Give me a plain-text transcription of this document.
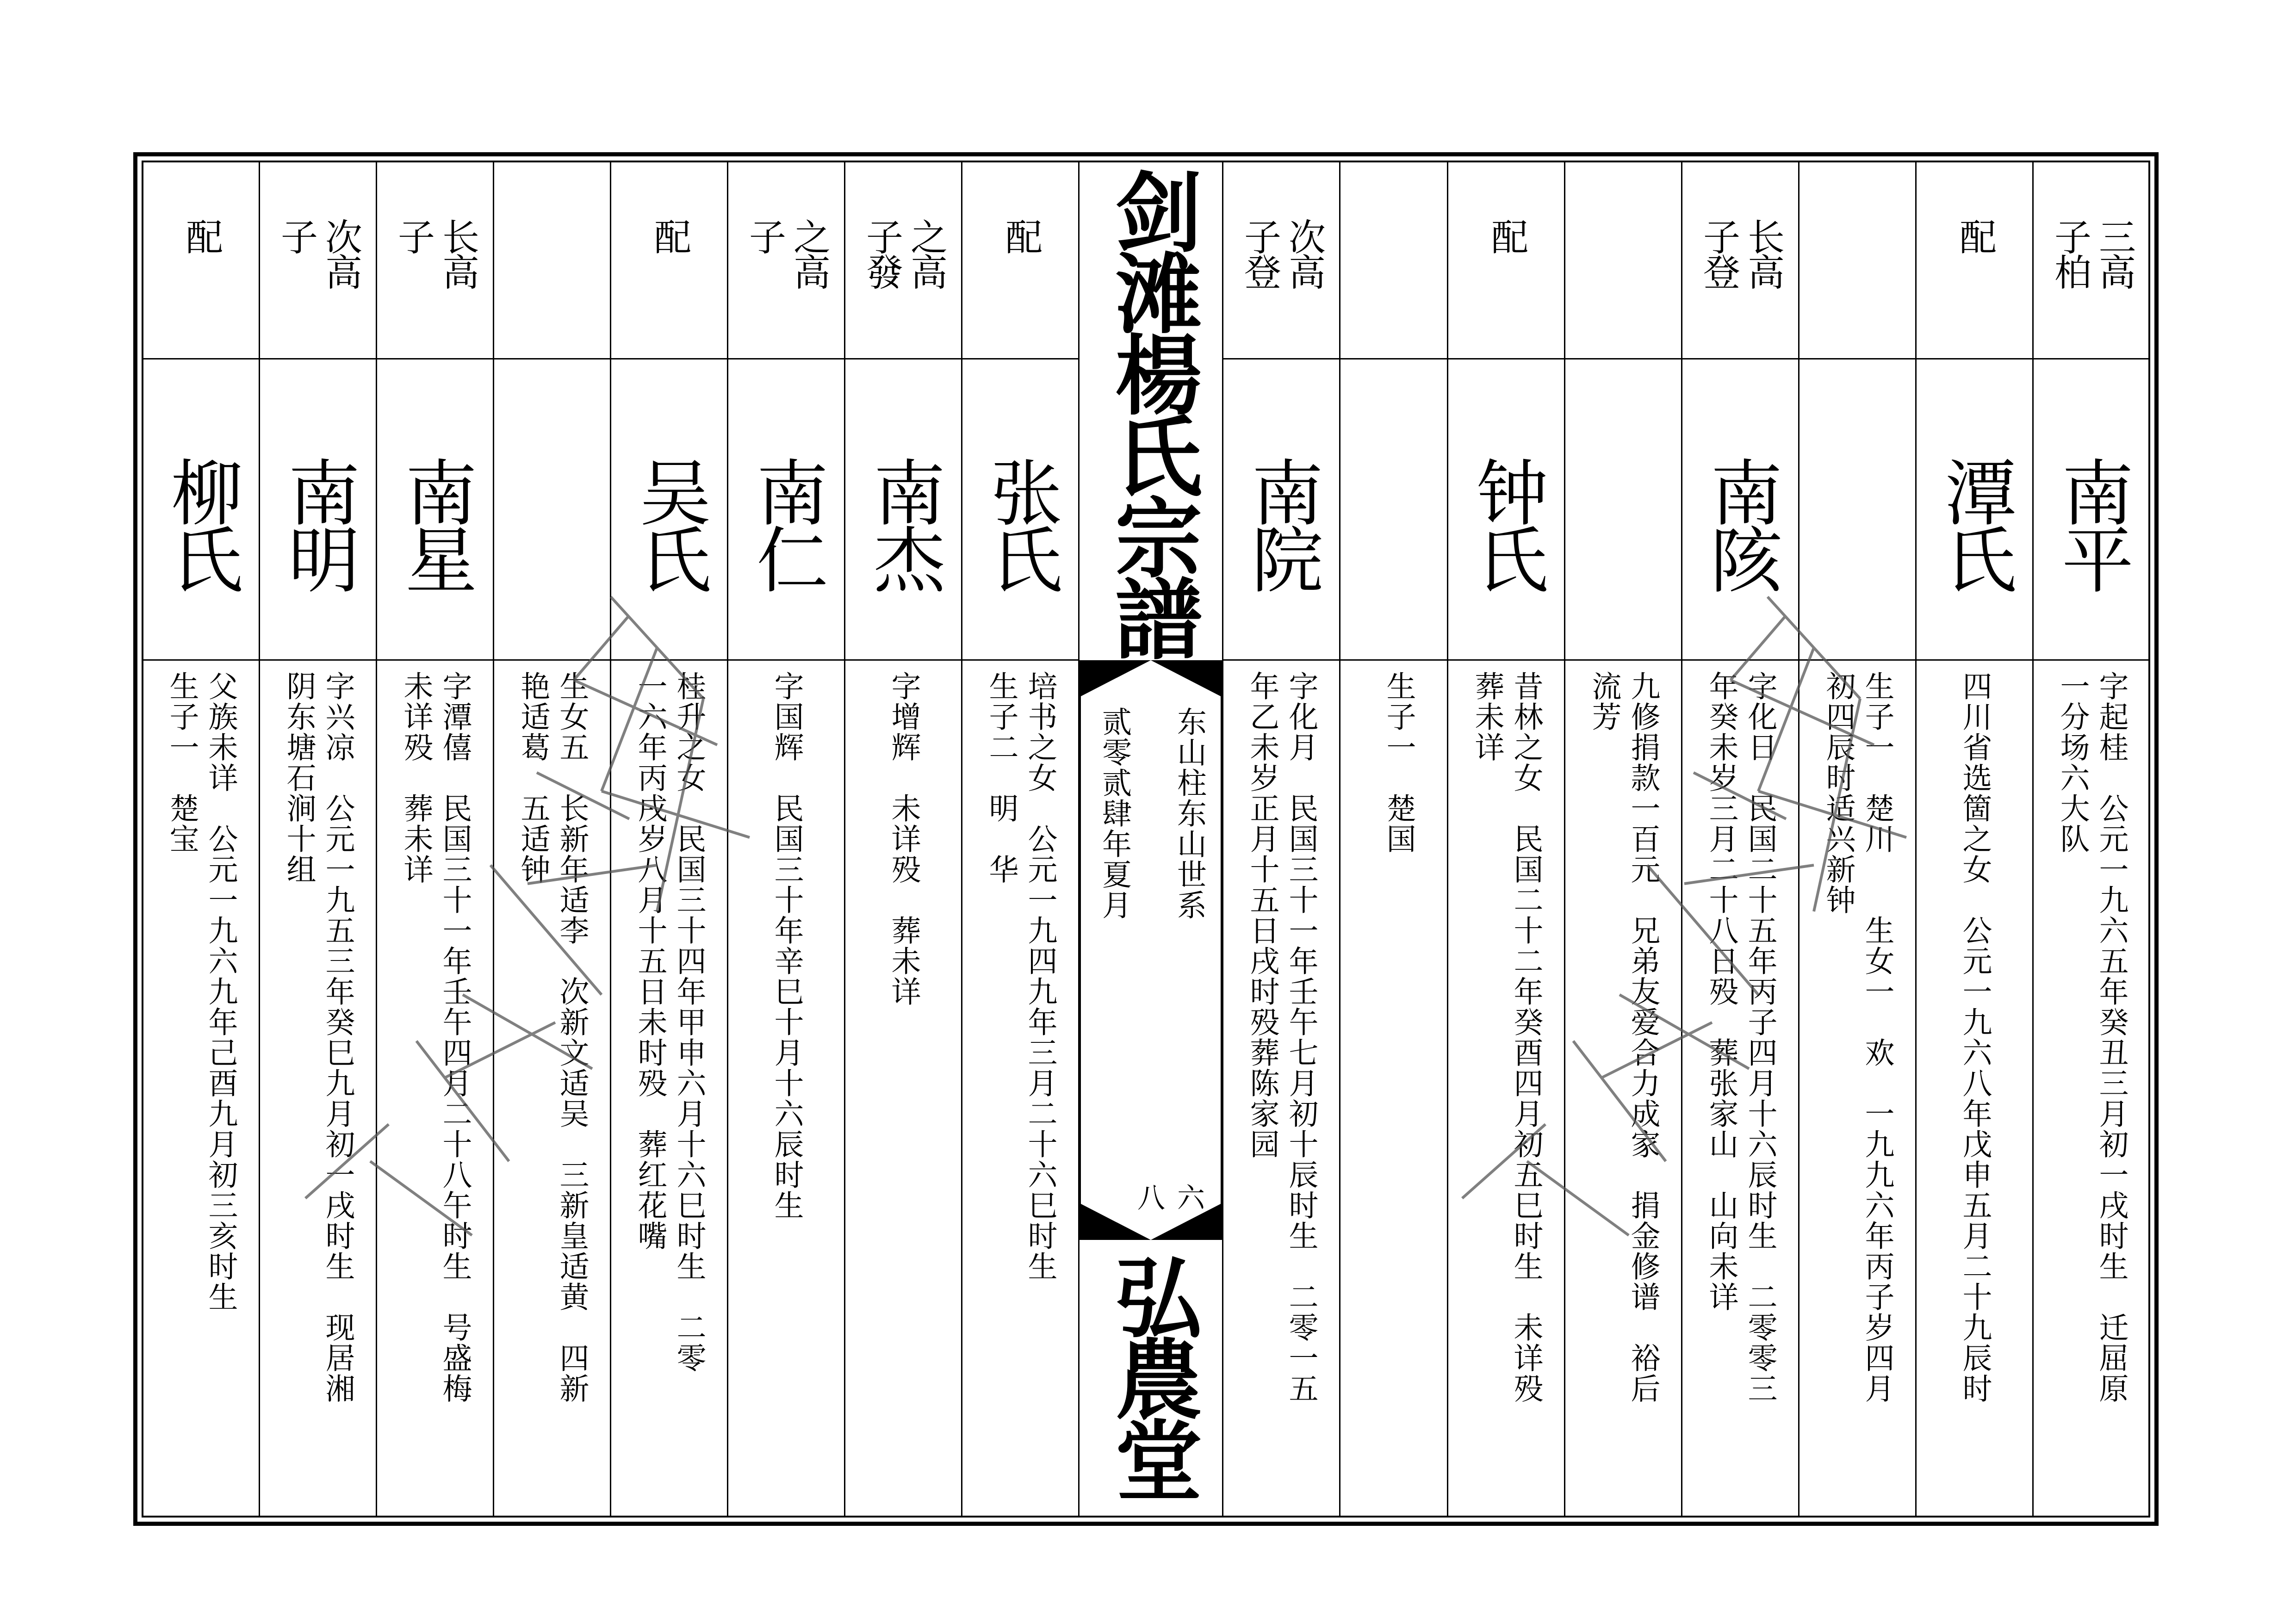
三高
子柏
南平
字起桂　公元一九六五年癸丑三月初一戌时生　迁屈原
一分场六大队
配
潭氏
四川省选箇之女　公元一九六八年戊申五月二十九辰时
生子一　楚川　　生女一　欢　一九九六年丙子岁四月
初四辰时适兴新钟
长高
子登
南陔
字化日　民国二十五年丙子四月十六辰时生　二零零三
年癸未岁三月二十八日殁　葬张家山　山向未详
九修捐款一百元　兄弟友爱合力成家　捐金修谱　裕后
流芳
配
钟氏
昔林之女　民国二十二年癸酉四月初五巳时生　未详殁
葬未详
生子一　楚国
次高
子登
南院
字化月　民国三十一年壬午七月初十辰时生　二零一五
年乙未岁正月十五日戌时殁葬陈家园
剑滩楊氏宗譜
东山柱东山世系
贰零贰肆年夏月
六八
弘農堂
配
张氏
培书之女　公元一九四九年三月二十六巳时生
生子二　明　华
之高
子發
南杰
字增辉　未详殁　葬未详
之高
子
南仁
字国辉　民国三十年辛巳十月十六辰时生
配
吴氏
桂升之女　民国三十四年甲申六月十六巳时生　二零
一六年丙戌岁八月十五日未时殁　葬红花嘴
生女五　长新年适李　次新文适吴　三新皇适黄　四新
艳适葛　五适钟
长高
子
南星
字潭僖　民国三十一年壬午四月二十八午时生　号盛梅
未详殁　葬未详
次高
子
南明
字兴凉　公元一九五三年癸巳九月初一戌时生　现居湘
阴东塘石涧十组
配
柳氏
父族未详　公元一九六九年己酉九月初三亥时生
生子一　楚宝
